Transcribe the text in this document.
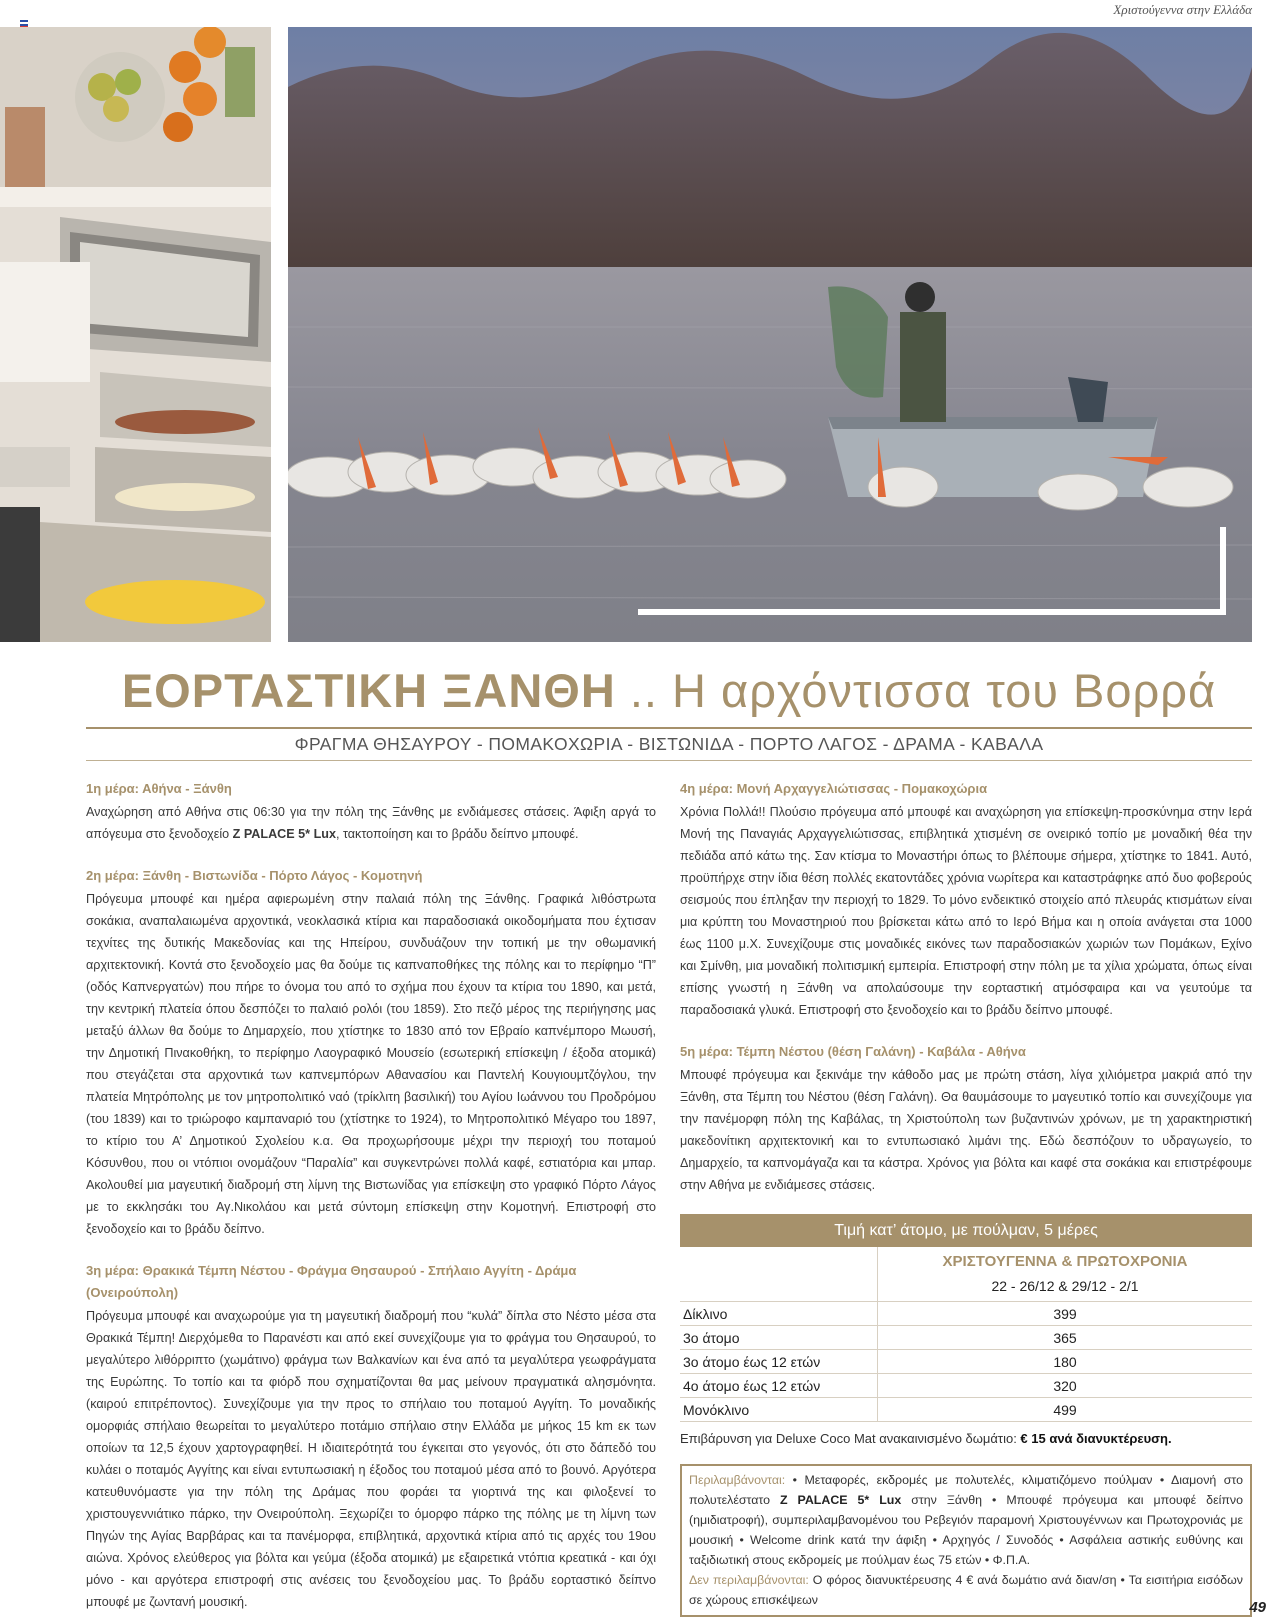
Χριστούγεννα στην Ελλάδα
ΕΟΡΤΑΣΤΙΚΗ ΞΑΝΘΗ .. Η αρχόντισσα του Βορρά
ΦΡΑΓΜΑ ΘΗΣΑΥΡΟΥ - ΠΟΜΑΚΟΧΩΡΙΑ - ΒΙΣΤΩΝΙΔΑ - ΠΟΡΤΟ ΛΑΓΟΣ - ΔΡΑΜΑ - ΚΑΒΑΛΑ

1η μέρα: Αθήνα - Ξάνθη

Αναχώρηση από Αθήνα στις 06:30 για την πόλη της Ξάνθης με ενδιάμεσες στάσεις. Άφιξη αργά το απόγευμα στο ξενοδοχείο Z PALACE 5* Lux, τακτοποίηση και το βράδυ δείπνο μπουφέ.

2η μέρα: Ξάνθη - Βιστωνίδα - Πόρτο Λάγος - Κομοτηνή

Πρόγευμα μπουφέ και ημέρα αφιερωμένη στην παλαιά πόλη της Ξάνθης. Γραφικά λιθόστρωτα σοκάκια, αναπαλαιωμένα αρχοντικά, νεοκλασικά κτίρια και παραδοσιακά οικοδομήματα που έχτισαν τεχνίτες της δυτικής Μακεδονίας και της Ηπείρου, συνδυάζουν την τοπική με την οθωμανική αρχιτεκτονική. Κοντά στο ξενοδοχείο μας θα δούμε τις καπναποθήκες της πόλης και το περίφημο “Π” (οδός Καπνεργατών) που πήρε το όνομα του από το σχήμα που έχουν τα κτίρια του 1890, και μετά, την κεντρική πλατεία όπου δεσπόζει το παλαιό ρολόι (του 1859). Στο πεζό μέρος της περιήγησης μας μεταξύ άλλων θα δούμε το Δημαρχείο, που χτίστηκε το 1830 από τον Εβραίο καπνέμπορο Μωυσή, την Δημοτική Πινακοθήκη, το περίφημο Λαογραφικό Μουσείο (εσωτερική επίσκεψη / έξοδα ατομικά) που στεγάζεται στα αρχοντικά των καπνεμπόρων Αθανασίου και Παντελή Κουγιουμτζόγλου, την πλατεία Μητρόπολης με τον μητροπολιτικό ναό (τρίκλιτη βασιλική) του Αγίου Ιωάννου του Προδρόμου (του 1839) και το τριώροφο καμπαναριό του (χτίστηκε το 1924), το Μητροπολιτικό Μέγαρο του 1897, το κτίριο του Α’ Δημοτικού Σχολείου κ.α. Θα προχωρήσουμε μέχρι την περιοχή του ποταμού Κόσυνθου, που οι ντόπιοι ονομάζουν “Παραλία” και συγκεντρώνει πολλά καφέ, εστιατόρια και μπαρ. Ακολουθεί μια μαγευτική διαδρομή στη λίμνη της Βιστωνίδας για επίσκεψη στο γραφικό Πόρτο Λάγος με το εκκλησάκι του Αγ.Νικολάου και μετά σύντομη επίσκεψη στην Κομοτηνή. Επιστροφή στο ξενοδοχείο και το βράδυ δείπνο.

3η μέρα: Θρακικά Τέμπη Νέστου - Φράγμα Θησαυρού - Σπήλαιο Αγγίτη - Δράμα (Ονειρούπολη)

Πρόγευμα μπουφέ και αναχωρούμε για τη μαγευτική διαδρομή που “κυλά” δίπλα στο Νέστο μέσα στα Θρακικά Τέμπη! Διερχόμεθα το Παρανέστι και από εκεί συνεχίζουμε για το φράγμα του Θησαυρού, το μεγαλύτερο λιθόρριπτο (χωμάτινο) φράγμα των Βαλκανίων και ένα από τα μεγαλύτερα γεωφράγματα της Ευρώπης. Το τοπίο και τα φιόρδ που σχηματίζονται θα μας μείνουν πραγματικά αλησμόνητα. (καιρού επιτρέποντος). Συνεχίζουμε για την προς το σπήλαιο του ποταμού Αγγίτη. Το μοναδικής ομορφιάς σπήλαιο θεωρείται το μεγαλύτερο ποτάμιο σπήλαιο στην Ελλάδα με μήκος 15 km εκ των οποίων τα 12,5 έχουν χαρτογραφηθεί. Η ιδιαιτερότητά του έγκειται στο γεγονός, ότι στο δάπεδό του κυλάει ο ποταμός Αγγίτης και είναι εντυπωσιακή η έξοδος του ποταμού μέσα από το βουνό. Αργότερα κατευθυνόμαστε για την πόλη της Δράμας που φοράει τα γιορτινά της και φιλοξενεί το χριστουγεννιάτικο πάρκο, την Ονειρούπολη. Ξεχωρίζει το όμορφο πάρκο της πόλης με τη λίμνη των Πηγών της Αγίας Βαρβάρας και τα πανέμορφα, επιβλητικά, αρχοντικά κτίρια από τις αρχές του 19ου αιώνα. Χρόνος ελεύθερος για βόλτα και γεύμα (έξοδα ατομικά) με εξαιρετικά ντόπια κρεατικά - και όχι μόνο - και αργότερα επιστροφή στις ανέσεις του ξενοδοχείου μας. Το βράδυ εορταστικό δείπνο μπουφέ με ζωντανή μουσική.

4η μέρα: Μονή Αρχαγγελιώτισσας - Πομακοχώρια

Χρόνια Πολλά!! Πλούσιο πρόγευμα από μπουφέ και αναχώρηση για επίσκεψη-προσκύνημα στην Ιερά Μονή της Παναγιάς Αρχαγγελιώτισσας, επιβλητικά χτισμένη σε ονειρικό τοπίο με μοναδική θέα την πεδιάδα από κάτω της. Σαν κτίσμα το Μοναστήρι όπως το βλέπουμε σήμερα, χτίστηκε το 1841. Αυτό, προϋπήρχε στην ίδια θέση πολλές εκατοντάδες χρόνια νωρίτερα και καταστράφηκε από δυο φοβερούς σεισμούς που έπληξαν την περιοχή το 1829. Το μόνο ενδεικτικό στοιχείο από πλευράς κτισμάτων είναι μια κρύπτη του Μοναστηριού που βρίσκεται κάτω από το Ιερό Βήμα και η οποία ανάγεται στα 1000 έως 1100 μ.Χ. Συνεχίζουμε στις μοναδικές εικόνες των παραδοσιακών χωριών των Πομάκων, Εχίνο και Σμίνθη, μια μοναδική πολιτισμική εμπειρία. Επιστροφή στην πόλη με τα χίλια χρώματα, όπως είναι επίσης γνωστή η Ξάνθη να απολαύσουμε την εορταστική ατμόσφαιρα και να γευτούμε τα παραδοσιακά γλυκά. Επιστροφή στο ξενοδοχείο και το βράδυ δείπνο μπουφέ.

5η μέρα: Τέμπη Νέστου (θέση Γαλάνη) - Καβάλα - Αθήνα

Μπουφέ πρόγευμα και ξεκινάμε την κάθοδο μας με πρώτη στάση, λίγα χιλιόμετρα μακριά από την Ξάνθη, στα Τέμπη του Νέστου (θέση Γαλάνη). Θα θαυμάσουμε το μαγευτικό τοπίο και συνεχίζουμε για την πανέμορφη πόλη της Καβάλας, τη Χριστούπολη των βυζαντινών χρόνων, με τη χαρακτηριστική μακεδονίτικη αρχιτεκτονική και το εντυπωσιακό λιμάνι της. Εδώ δεσπόζουν το υδραγωγείο, το Δημαρχείο, τα καπνομάγαζα και τα κάστρα. Χρόνος για βόλτα και καφέ στα σοκάκια και επιστρέφουμε στην Αθήνα με ενδιάμεσες στάσεις.

Τιμή κατ’ άτομο, με πούλμαν, 5 μέρες

	ΧΡΙΣΤΟΥΓΕΝΝΑ & ΠΡΩΤΟΧΡΟΝΙΑ
22 - 26/12 & 29/12 - 2/1

Δίκλινο	399
3ο άτομο	365
3ο άτομο έως 12 ετών	180
4ο άτομο έως 12 ετών	320
Μονόκλινο	499
Επιβάρυνση για Deluxe Coco Mat ανακαινισμένο δωμάτιο: € 15 ανά διανυκτέρευση.
Περιλαμβάνονται: • Μεταφορές, εκδρομές με πολυτελές, κλιματιζόμενο πούλμαν • Διαμονή στο πολυτελέστατο Z PALACE 5* Lux στην Ξάνθη • Μπουφέ πρόγευμα και μπουφέ δείπνο (ημιδιατροφή), συμπεριλαμβανομένου του Ρεβεγιόν παραμονή Χριστουγέννων και Πρωτοχρονιάς με μουσική • Welcome drink κατά την άφιξη • Αρχηγός / Συνοδός • Ασφάλεια αστικής ευθύνης και ταξιδιωτική στους εκδρομείς με πούλμαν έως 75 ετών • Φ.Π.Α.
Δεν περιλαμβάνονται: Ο φόρος διανυκτέρευσης 4 € ανά δωμάτιο ανά διαν/ση • Τα εισιτήρια εισόδων σε χώρους επισκέψεων	49
